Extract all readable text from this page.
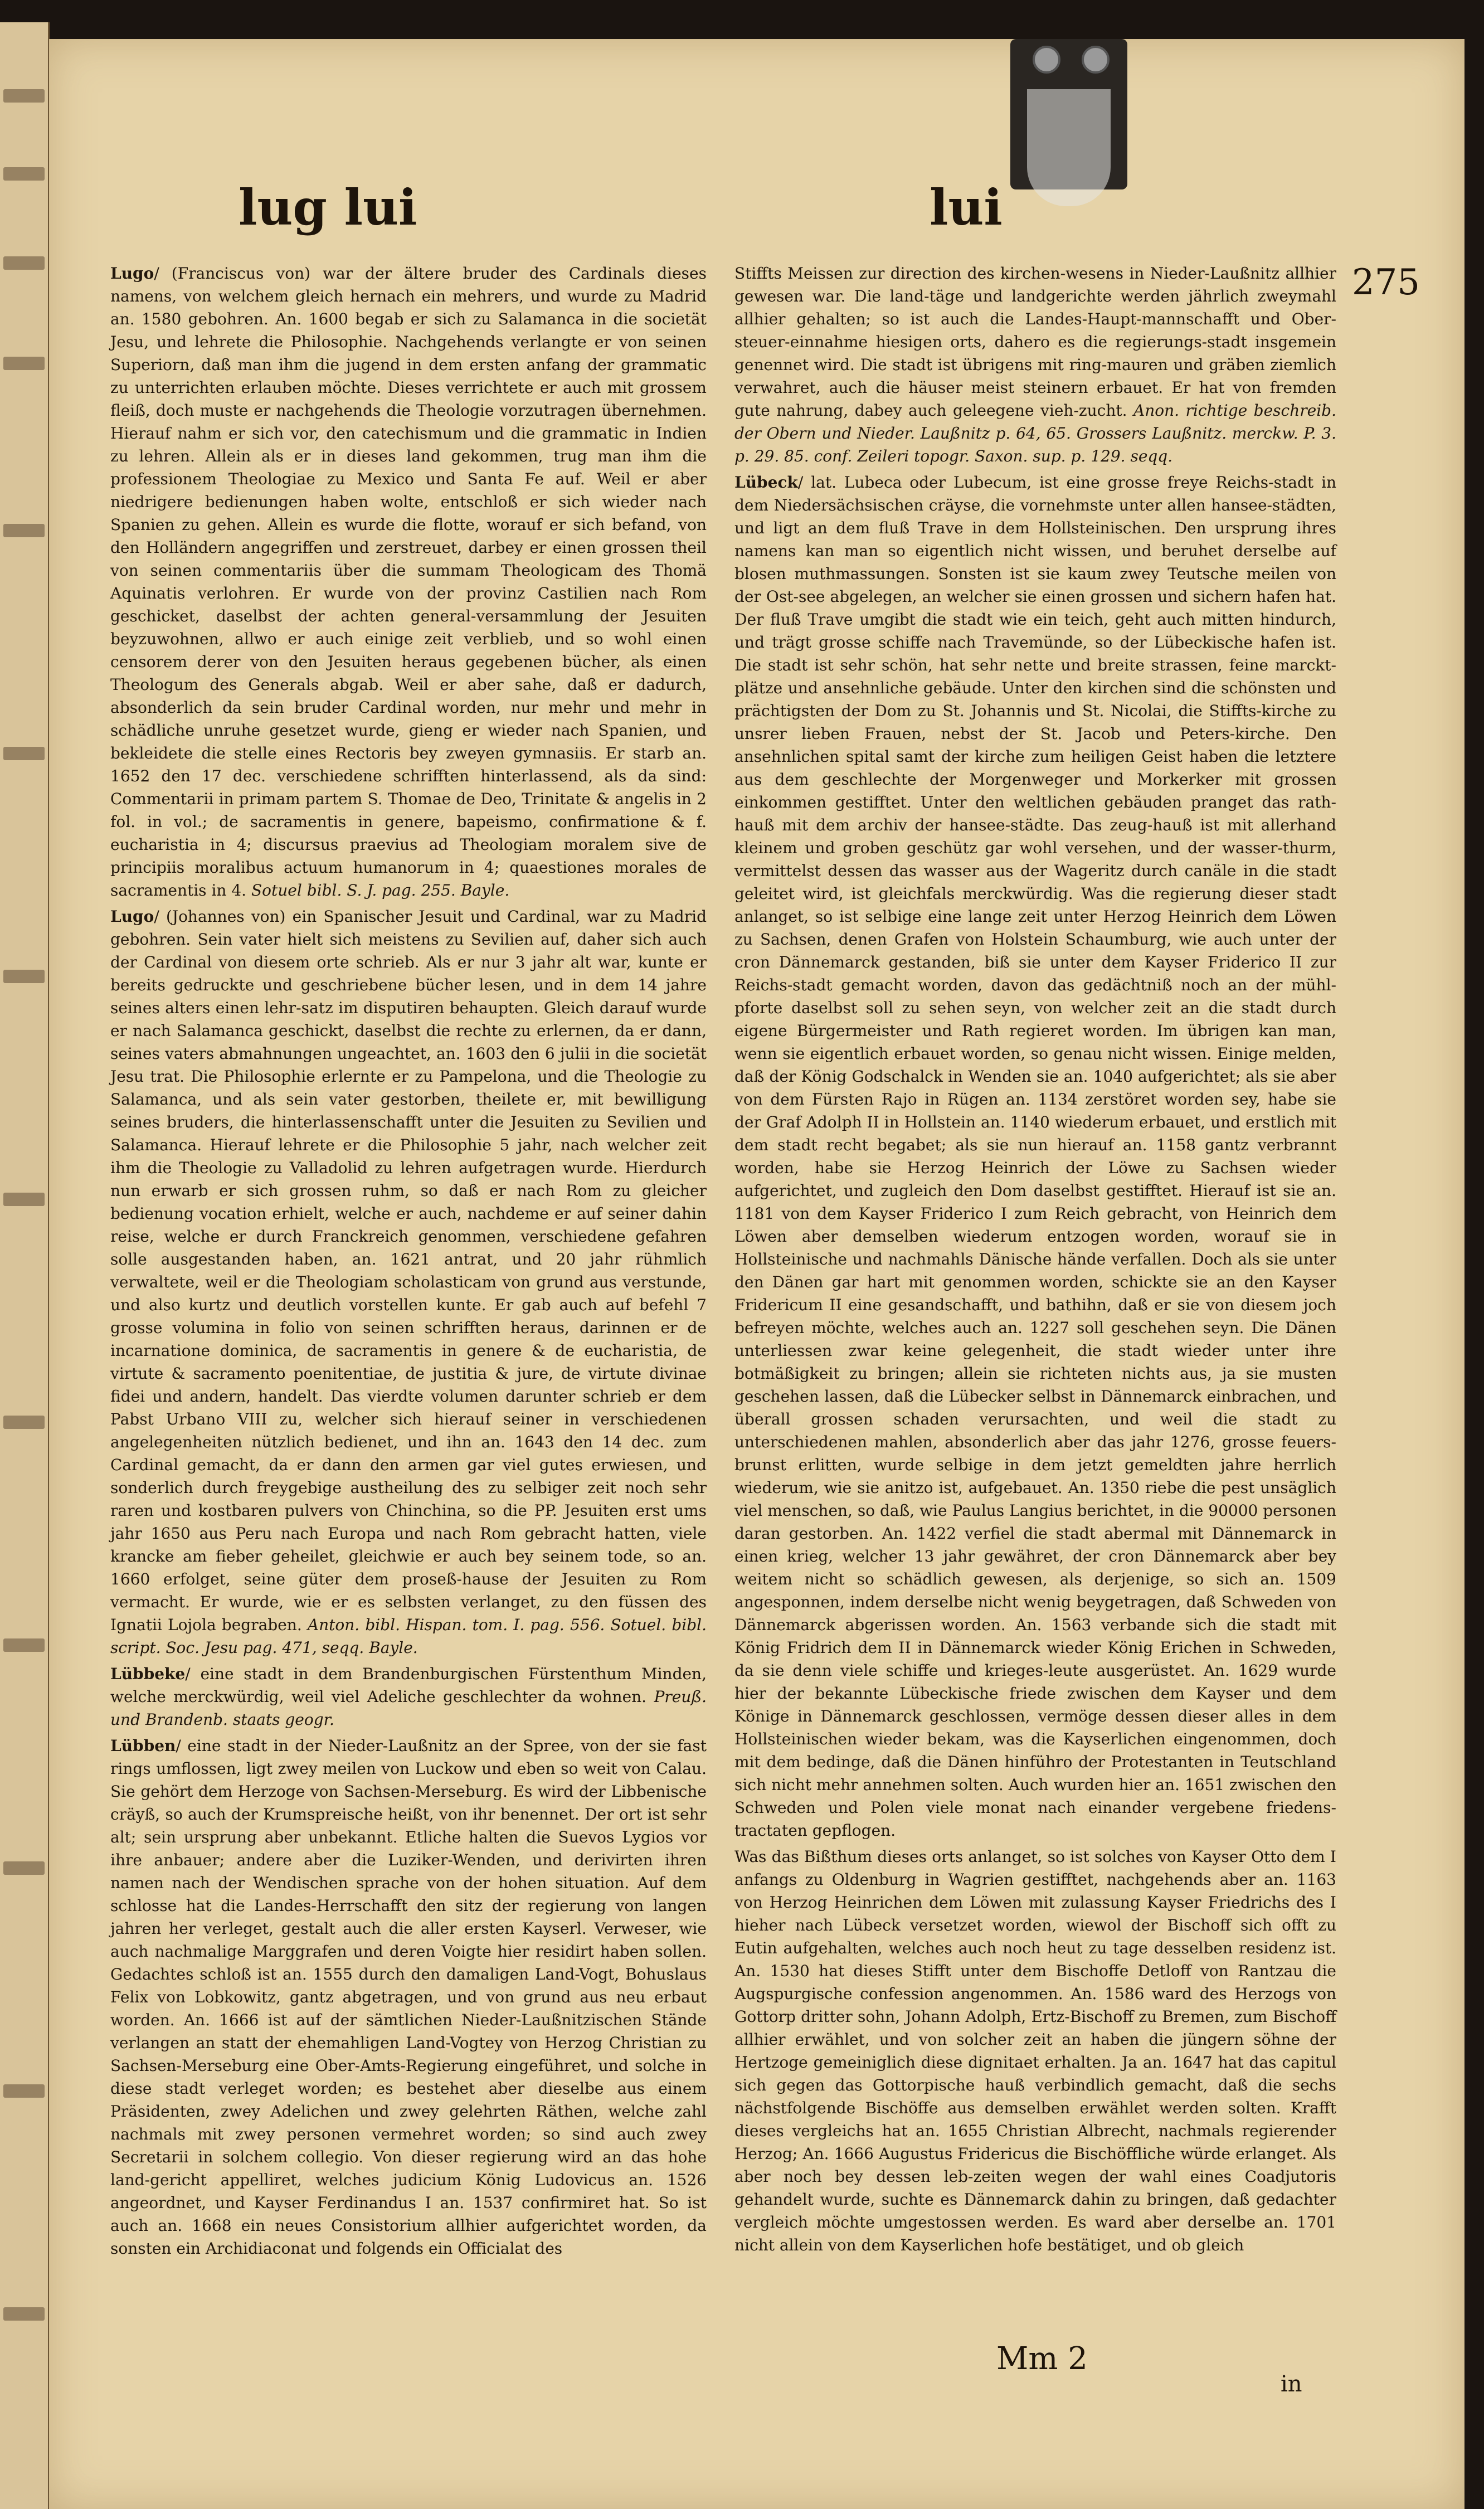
lug lui	lui
275

Lugo/ (Franciscus von) war der ältere bruder des Cardinals dieses namens, von welchem gleich hernach ein mehrers, und wurde zu Madrid an. 1580 gebohren. An. 1600 begab er sich zu Salamanca in die societät Jesu, und lehrete die Philosophie. Nachgehends verlangte er von seinen Superiorn, daß man ihm die jugend in dem ersten anfang der grammatic zu unterrichten erlauben möchte. Dieses verrichtete er auch mit grossem fleiß, doch muste er nachgehends die Theologie vorzutragen übernehmen. Hierauf nahm er sich vor, den catechismum und die grammatic in Indien zu lehren. Allein als er in dieses land gekommen, trug man ihm die professionem Theologiae zu Mexico und Santa Fe auf. Weil er aber niedrigere bedienungen haben wolte, entschloß er sich wieder nach Spanien zu gehen. Allein es wurde die flotte, worauf er sich befand, von den Holländern angegriffen und zerstreuet, darbey er einen grossen theil von seinen commentariis über die summam Theologicam des Thomä Aquinatis verlohren. Er wurde von der provinz Castilien nach Rom geschicket, daselbst der achten general-versammlung der Jesuiten beyzuwohnen, allwo er auch einige zeit verblieb, und so wohl einen censorem derer von den Jesuiten heraus gegebenen bücher, als einen Theologum des Generals abgab. Weil er aber sahe, daß er dadurch, absonderlich da sein bruder Cardinal worden, nur mehr und mehr in schädliche unruhe gesetzet wurde, gieng er wieder nach Spanien, und bekleidete die stelle eines Rectoris bey zweyen gymnasiis. Er starb an. 1652 den 17 dec. verschiedene schrifften hinterlassend, als da sind: Commentarii in primam partem S. Thomae de Deo, Trinitate & angelis in 2 fol. in vol.; de sacramentis in genere, bapeismo, confirmatione & f. eucharistia in 4; discursus praevius ad Theologiam moralem sive de principiis moralibus actuum humanorum in 4; quaestiones morales de sacramentis in 4. Sotuel bibl. S. J. pag. 255. Bayle.

Lugo/ (Johannes von) ein Spanischer Jesuit und Cardinal, war zu Madrid gebohren. Sein vater hielt sich meistens zu Sevilien auf, daher sich auch der Cardinal von diesem orte schrieb. Als er nur 3 jahr alt war, kunte er bereits gedruckte und geschriebene bücher lesen, und in dem 14 jahre seines alters einen lehr-satz im disputiren behaupten. Gleich darauf wurde er nach Salamanca geschickt, daselbst die rechte zu erlernen, da er dann, seines vaters abmahnungen ungeachtet, an. 1603 den 6 julii in die societät Jesu trat. Die Philosophie erlernte er zu Pampelona, und die Theologie zu Salamanca, und als sein vater gestorben, theilete er, mit bewilligung seines bruders, die hinterlassenschafft unter die Jesuiten zu Sevilien und Salamanca. Hierauf lehrete er die Philosophie 5 jahr, nach welcher zeit ihm die Theologie zu Valladolid zu lehren aufgetragen wurde. Hierdurch nun erwarb er sich grossen ruhm, so daß er nach Rom zu gleicher bedienung vocation erhielt, welche er auch, nachdeme er auf seiner dahin reise, welche er durch Franckreich genommen, verschiedene gefahren solle ausgestanden haben, an. 1621 antrat, und 20 jahr rühmlich verwaltete, weil er die Theologiam scholasticam von grund aus verstunde, und also kurtz und deutlich vorstellen kunte. Er gab auch auf befehl 7 grosse volumina in folio von seinen schrifften heraus, darinnen er de incarnatione dominica, de sacramentis in genere & de eucharistia, de virtute & sacramento poenitentiae, de justitia & jure, de virtute divinae fidei und andern, handelt. Das vierdte volumen darunter schrieb er dem Pabst Urbano VIII zu, welcher sich hierauf seiner in verschiedenen angelegenheiten nützlich bedienet, und ihn an. 1643 den 14 dec. zum Cardinal gemacht, da er dann den armen gar viel gutes erwiesen, und sonderlich durch freygebige austheilung des zu selbiger zeit noch sehr raren und kostbaren pulvers von Chinchina, so die PP. Jesuiten erst ums jahr 1650 aus Peru nach Europa und nach Rom gebracht hatten, viele krancke am fieber geheilet, gleichwie er auch bey seinem tode, so an. 1660 erfolget, seine güter dem proseß-hause der Jesuiten zu Rom vermacht. Er wurde, wie er es selbsten verlanget, zu den füssen des Ignatii Lojola begraben. Anton. bibl. Hispan. tom. I. pag. 556. Sotuel. bibl. script. Soc. Jesu pag. 471, seqq. Bayle.

Lübbeke/ eine stadt in dem Brandenburgischen Fürstenthum Minden, welche merckwürdig, weil viel Adeliche geschlechter da wohnen. Preuß. und Brandenb. staats geogr.

Lübben/ eine stadt in der Nieder-Laußnitz an der Spree, von der sie fast rings umflossen, ligt zwey meilen von Luckow und eben so weit von Calau. Sie gehört dem Herzoge von Sachsen-Merseburg. Es wird der Libbenische cräyß, so auch der Krumspreische heißt, von ihr benennet. Der ort ist sehr alt; sein ursprung aber unbekannt. Etliche halten die Suevos Lygios vor ihre anbauer; andere aber die Luziker-Wenden, und derivirten ihren namen nach der Wendischen sprache von der hohen situation. Auf dem schlosse hat die Landes-Herrschafft den sitz der regierung von langen jahren her verleget, gestalt auch die aller ersten Kayserl. Verweser, wie auch nachmalige Marggrafen und deren Voigte hier residirt haben sollen. Gedachtes schloß ist an. 1555 durch den damaligen Land-Vogt, Bohuslaus Felix von Lobkowitz, gantz abgetragen, und von grund aus neu erbaut worden. An. 1666 ist auf der sämtlichen Nieder-Laußnitzischen Stände verlangen an statt der ehemahligen Land-Vogtey von Herzog Christian zu Sachsen-Merseburg eine Ober-Amts-Regierung eingeführet, und solche in diese stadt verleget worden; es bestehet aber dieselbe aus einem Präsidenten, zwey Adelichen und zwey gelehrten Räthen, welche zahl nachmals mit zwey personen vermehret worden; so sind auch zwey Secretarii in solchem collegio. Von dieser regierung wird an das hohe land-gericht appelliret, welches judicium König Ludovicus an. 1526 angeordnet, und Kayser Ferdinandus I an. 1537 confirmiret hat. So ist auch an. 1668 ein neues Consistorium allhier aufgerichtet worden, da sonsten ein Archidiaconat und folgends ein Officialat des

Stiffts Meissen zur direction des kirchen-wesens in Nieder-Laußnitz allhier gewesen war. Die land-täge und landgerichte werden jährlich zweymahl allhier gehalten; so ist auch die Landes-Haupt-mannschafft und Ober-steuer-einnahme hiesigen orts, dahero es die regierungs-stadt insgemein genennet wird. Die stadt ist übrigens mit ring-mauren und gräben ziemlich verwahret, auch die häuser meist steinern erbauet. Er hat von fremden gute nahrung, dabey auch geleegene vieh-zucht. Anon. richtige beschreib. der Obern und Nieder. Laußnitz p. 64, 65. Grossers Laußnitz. merckw. P. 3. p. 29. 85. conf. Zeileri topogr. Saxon. sup. p. 129. seqq.

Lübeck/ lat. Lubeca oder Lubecum, ist eine grosse freye Reichs-stadt in dem Niedersächsischen cräyse, die vornehmste unter allen hansee-städten, und ligt an dem fluß Trave in dem Hollsteinischen. Den ursprung ihres namens kan man so eigentlich nicht wissen, und beruhet derselbe auf blosen muthmassungen. Sonsten ist sie kaum zwey Teutsche meilen von der Ost-see abgelegen, an welcher sie einen grossen und sichern hafen hat. Der fluß Trave umgibt die stadt wie ein teich, geht auch mitten hindurch, und trägt grosse schiffe nach Travemünde, so der Lübeckische hafen ist. Die stadt ist sehr schön, hat sehr nette und breite strassen, feine marckt-plätze und ansehnliche gebäude. Unter den kirchen sind die schönsten und prächtigsten der Dom zu St. Johannis und St. Nicolai, die Stiffts-kirche zu unsrer lieben Frauen, nebst der St. Jacob und Peters-kirche. Den ansehnlichen spital samt der kirche zum heiligen Geist haben die letztere aus dem geschlechte der Morgenweger und Morkerker mit grossen einkommen gestifftet. Unter den weltlichen gebäuden pranget das rath-hauß mit dem archiv der hansee-städte. Das zeug-hauß ist mit allerhand kleinem und groben geschütz gar wohl versehen, und der wasser-thurm, vermittelst dessen das wasser aus der Wageritz durch canäle in die stadt geleitet wird, ist gleichfals merckwürdig. Was die regierung dieser stadt anlanget, so ist selbige eine lange zeit unter Herzog Heinrich dem Löwen zu Sachsen, denen Grafen von Holstein Schaumburg, wie auch unter der cron Dännemarck gestanden, biß sie unter dem Kayser Friderico II zur Reichs-stadt gemacht worden, davon das gedächtniß noch an der mühl-pforte daselbst soll zu sehen seyn, von welcher zeit an die stadt durch eigene Bürgermeister und Rath regieret worden. Im übrigen kan man, wenn sie eigentlich erbauet worden, so genau nicht wissen. Einige melden, daß der König Godschalck in Wenden sie an. 1040 aufgerichtet; als sie aber von dem Fürsten Rajo in Rügen an. 1134 zerstöret worden sey, habe sie der Graf Adolph II in Hollstein an. 1140 wiederum erbauet, und erstlich mit dem stadt recht begabet; als sie nun hierauf an. 1158 gantz verbrannt worden, habe sie Herzog Heinrich der Löwe zu Sachsen wieder aufgerichtet, und zugleich den Dom daselbst gestifftet. Hierauf ist sie an. 1181 von dem Kayser Friderico I zum Reich gebracht, von Heinrich dem Löwen aber demselben wiederum entzogen worden, worauf sie in Hollsteinische und nachmahls Dänische hände verfallen. Doch als sie unter den Dänen gar hart mit genommen worden, schickte sie an den Kayser Fridericum II eine gesandschafft, und bathihn, daß er sie von diesem joch befreyen möchte, welches auch an. 1227 soll geschehen seyn. Die Dänen unterliessen zwar keine gelegenheit, die stadt wieder unter ihre botmäßigkeit zu bringen; allein sie richteten nichts aus, ja sie musten geschehen lassen, daß die Lübecker selbst in Dännemarck einbrachen, und überall grossen schaden verursachten, und weil die stadt zu unterschiedenen mahlen, absonderlich aber das jahr 1276, grosse feuers-brunst erlitten, wurde selbige in dem jetzt gemeldten jahre herrlich wiederum, wie sie anitzo ist, aufgebauet. An. 1350 riebe die pest unsäglich viel menschen, so daß, wie Paulus Langius berichtet, in die 90000 personen daran gestorben. An. 1422 verfiel die stadt abermal mit Dännemarck in einen krieg, welcher 13 jahr gewähret, der cron Dännemarck aber bey weitem nicht so schädlich gewesen, als derjenige, so sich an. 1509 angesponnen, indem derselbe nicht wenig beygetragen, daß Schweden von Dännemarck abgerissen worden. An. 1563 verbande sich die stadt mit König Fridrich dem II in Dännemarck wieder König Erichen in Schweden, da sie denn viele schiffe und krieges-leute ausgerüstet. An. 1629 wurde hier der bekannte Lübeckische friede zwischen dem Kayser und dem Könige in Dännemarck geschlossen, vermöge dessen dieser alles in dem Hollsteinischen wieder bekam, was die Kayserlichen eingenommen, doch mit dem bedinge, daß die Dänen hinführo der Protestanten in Teutschland sich nicht mehr annehmen solten. Auch wurden hier an. 1651 zwischen den Schweden und Polen viele monat nach einander vergebene friedens-tractaten gepflogen.

Was das Bißthum dieses orts anlanget, so ist solches von Kayser Otto dem I anfangs zu Oldenburg in Wagrien gestifftet, nachgehends aber an. 1163 von Herzog Heinrichen dem Löwen mit zulassung Kayser Friedrichs des I hieher nach Lübeck versetzet worden, wiewol der Bischoff sich offt zu Eutin aufgehalten, welches auch noch heut zu tage desselben residenz ist. An. 1530 hat dieses Stifft unter dem Bischoffe Detloff von Rantzau die Augspurgische confession angenommen. An. 1586 ward des Herzogs von Gottorp dritter sohn, Johann Adolph, Ertz-Bischoff zu Bremen, zum Bischoff allhier erwählet, und von solcher zeit an haben die jüngern söhne der Hertzoge gemeiniglich diese dignitaet erhalten. Ja an. 1647 hat das capitul sich gegen das Gottorpische hauß verbindlich gemacht, daß die sechs nächstfolgende Bischöffe aus demselben erwählet werden solten. Krafft dieses vergleichs hat an. 1655 Christian Albrecht, nachmals regierender Herzog; An. 1666 Augustus Fridericus die Bischöffliche würde erlanget. Als aber noch bey dessen leb-zeiten wegen der wahl eines Coadjutoris gehandelt wurde, suchte es Dännemarck dahin zu bringen, daß gedachter vergleich möchte umgestossen werden. Es ward aber derselbe an. 1701 nicht allein von dem Kayserlichen hofe bestätiget, und ob gleich

Mm 2
in
